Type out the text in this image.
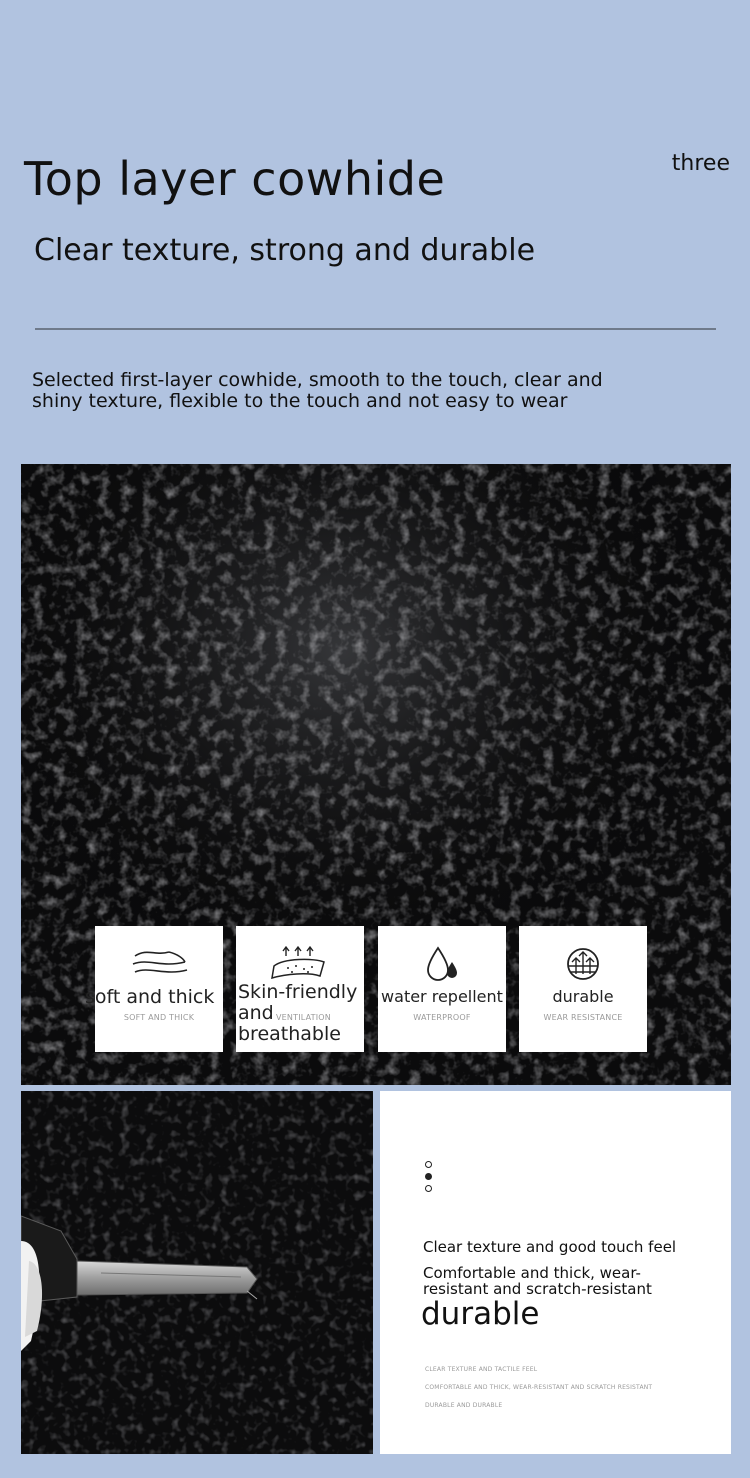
Top layer cowhide	three
Clear texture, strong and durable
Selected first-layer cowhide, smooth to the touch, clear and shiny texture, flexible to the touch and not easy to wear
soft and thick
SOFT AND THICK
Skin-friendly and breathable
VENTILATION
water repellent
WATERPROOF
durable
WEAR RESISTANCE
Clear texture and good touch feel
Comfortable and thick, wear-resistant and scratch-resistant
durable
CLEAR TEXTURE AND TACTILE FEEL
COMFORTABLE AND THICK, WEAR-RESISTANT AND SCRATCH RESISTANT
DURABLE AND DURABLE
